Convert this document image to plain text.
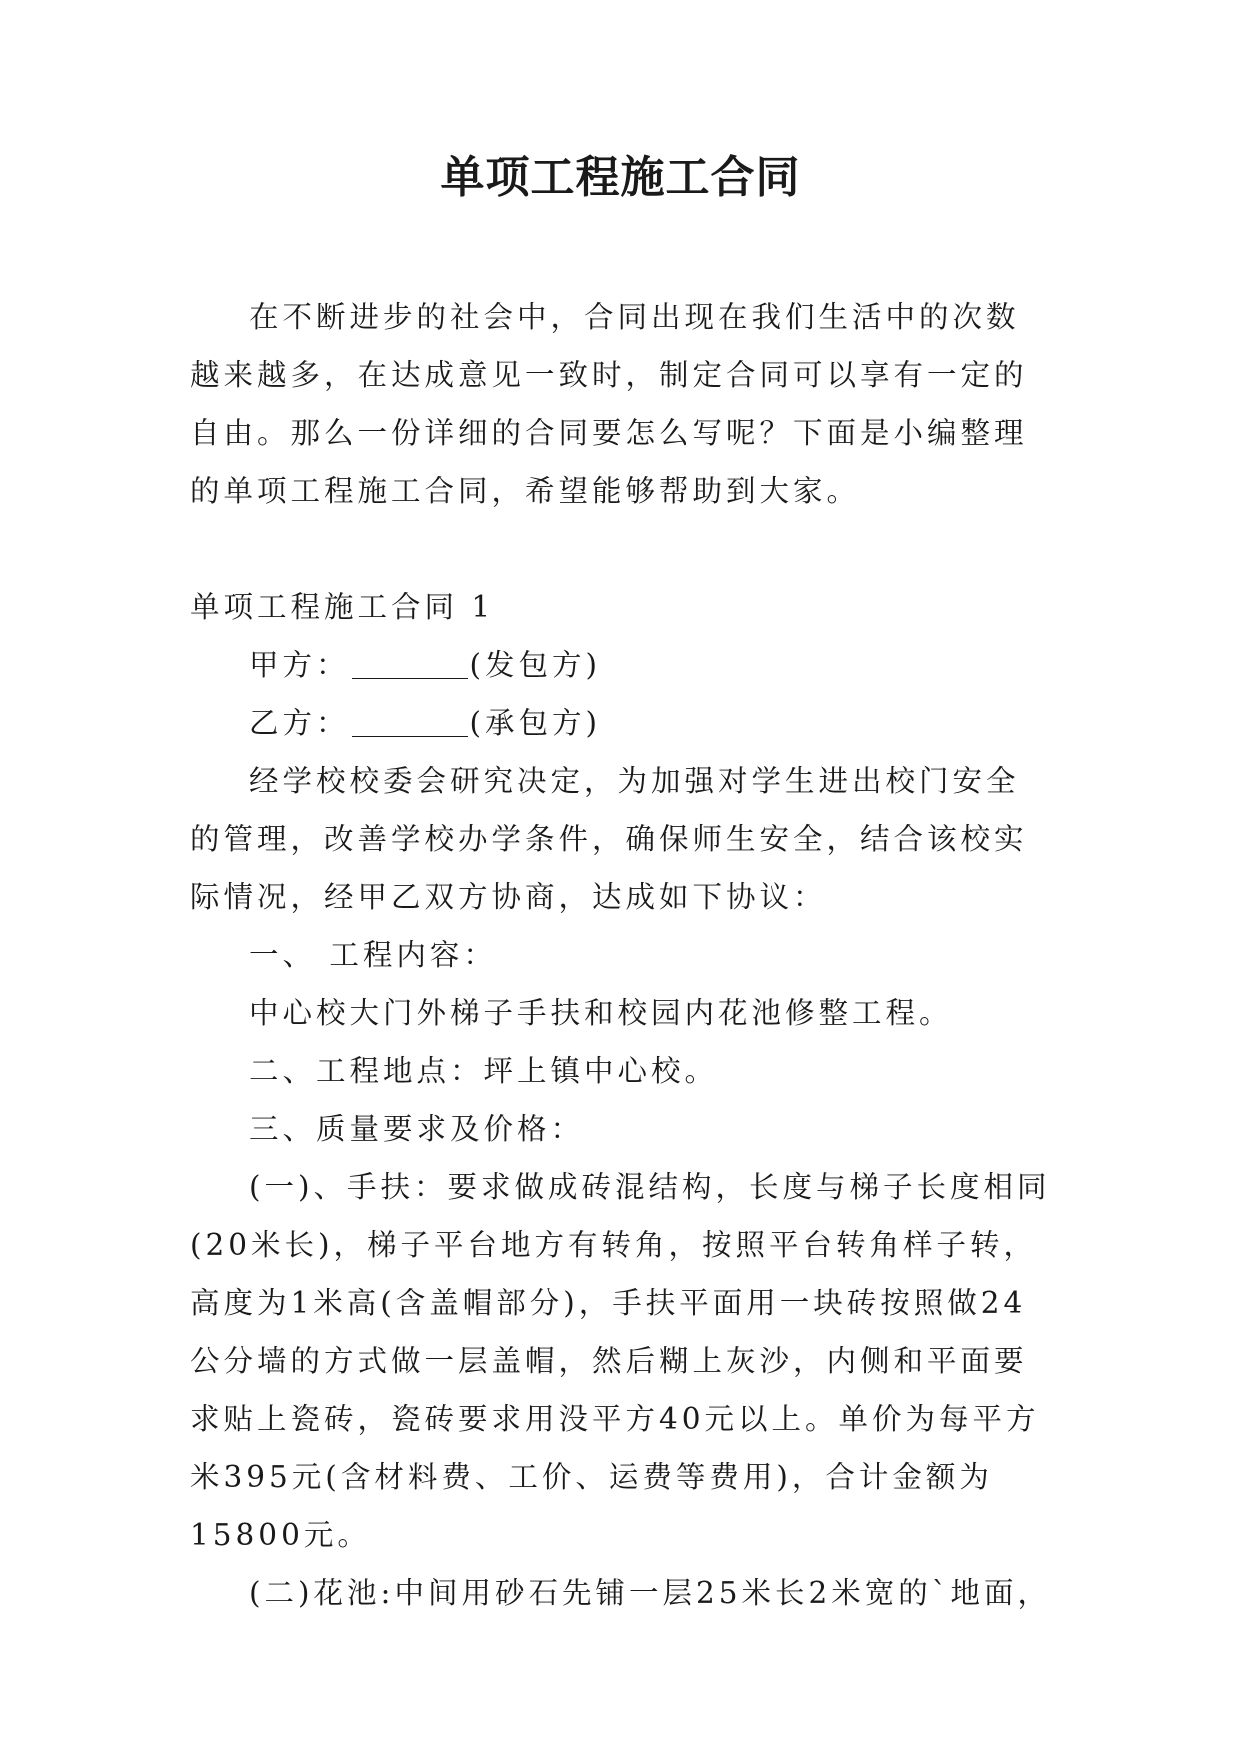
单项工程施工合同

在不断进步的社会中，合同出现在我们生活中的次数越来越多，在达成意见一致时，制定合同可以享有一定的自由。那么一份详细的合同要怎么写呢？下面是小编整理的单项工程施工合同，希望能够帮助到大家。

单项工程施工合同 1

甲方：	(发包方)

乙方：	(承包方)

经学校校委会研究决定，为加强对学生进出校门安全的管理，改善学校办学条件，确保师生安全，结合该校实际情况，经甲乙双方协商，达成如下协议：

一、 工程内容：

中心校大门外梯子手扶和校园内花池修整工程。

二、工程地点：坪上镇中心校。

三、质量要求及价格：

(一)、手扶：要求做成砖混结构，长度与梯子长度相同(20米长)，梯子平台地方有转角，按照平台转角样子转，高度为1米高(含盖帽部分)，手扶平面用一块砖按照做24公分墙的方式做一层盖帽，然后糊上灰沙，内侧和平面要求贴上瓷砖，瓷砖要求用没平方40元以上。单价为每平方米395元(含材料费、工价、运费等费用)，合计金额为15800元。

(二)花池:中间用砂石先铺一层25米长2米宽的`地面，
